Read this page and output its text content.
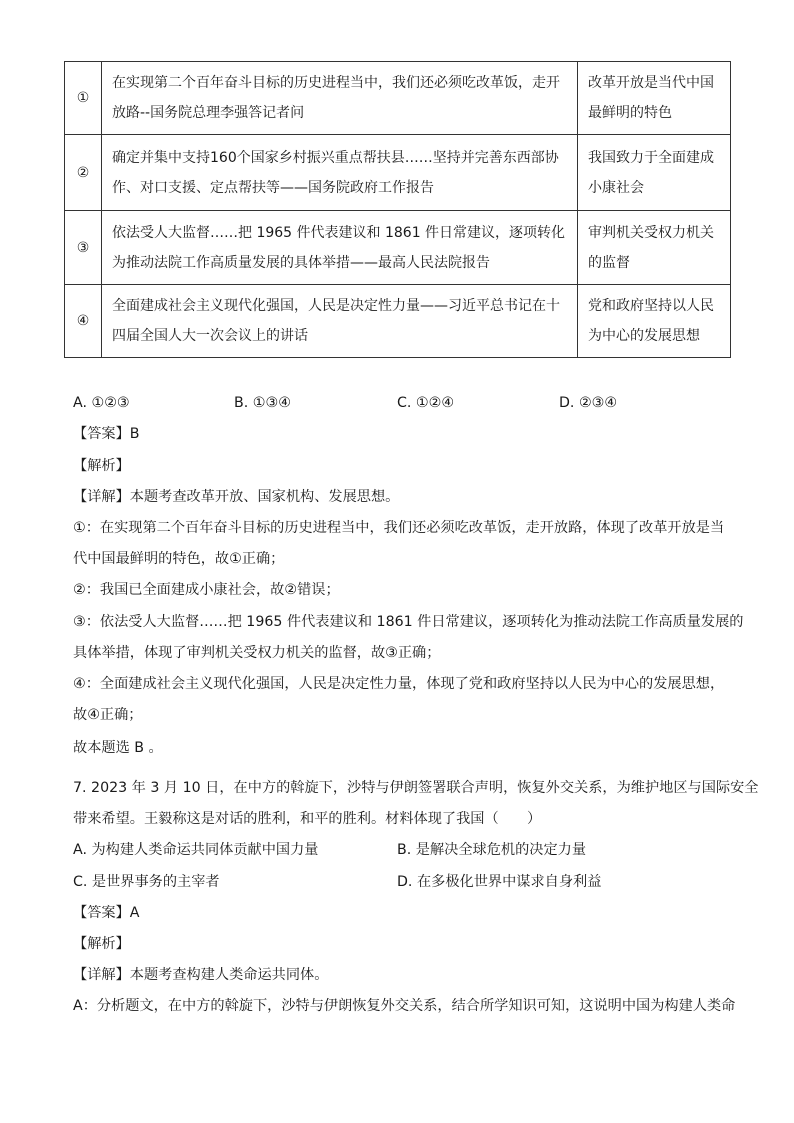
①	在实现第二个百年奋斗目标的历史进程当中，我们还必须吃改革饭，走开放路--国务院总理李强答记者问	改革开放是当代中国最鲜明的特色
②	确定并集中支持160个国家乡村振兴重点帮扶县……坚持并完善东西部协作、对口支援、定点帮扶等——国务院政府工作报告	我国致力于全面建成小康社会
③	依法受人大监督……把 1965 件代表建议和 1861 件日常建议，逐项转化为推动法院工作高质量发展的具体举措——最高人民法院报告	审判机关受权力机关的监督
④	全面建成社会主义现代化强国，人民是决定性力量——习近平总书记在十四届全国人大一次会议上的讲话	党和政府坚持以人民为中心的发展思想
A. ①②③	B. ①③④	C. ①②④	D. ②③④
【答案】B
【解析】
【详解】本题考查改革开放、国家机构、发展思想。
①：在实现第二个百年奋斗目标的历史进程当中，我们还必须吃改革饭，走开放路，体现了改革开放是当
代中国最鲜明的特色，故①正确；
②：我国已全面建成小康社会，故②错误；
③：依法受人大监督……把 1965 件代表建议和 1861 件日常建议，逐项转化为推动法院工作高质量发展的
具体举措，体现了审判机关受权力机关的监督，故③正确；
④：全面建成社会主义现代化强国，人民是决定性力量，体现了党和政府坚持以人民为中心的发展思想，
故④正确；
故本题选 B 。
7. 2023 年 3 月 10 日，在中方的斡旋下，沙特与伊朗签署联合声明，恢复外交关系，为维护地区与国际安全
带来希望。王毅称这是对话的胜利，和平的胜利。材料体现了我国（　　）
A. 为构建人类命运共同体贡献中国力量	B. 是解决全球危机的决定力量
C. 是世界事务的主宰者	D. 在多极化世界中谋求自身利益
【答案】A
【解析】
【详解】本题考查构建人类命运共同体。
A：分析题文，在中方的斡旋下，沙特与伊朗恢复外交关系，结合所学知识可知，这说明中国为构建人类命
